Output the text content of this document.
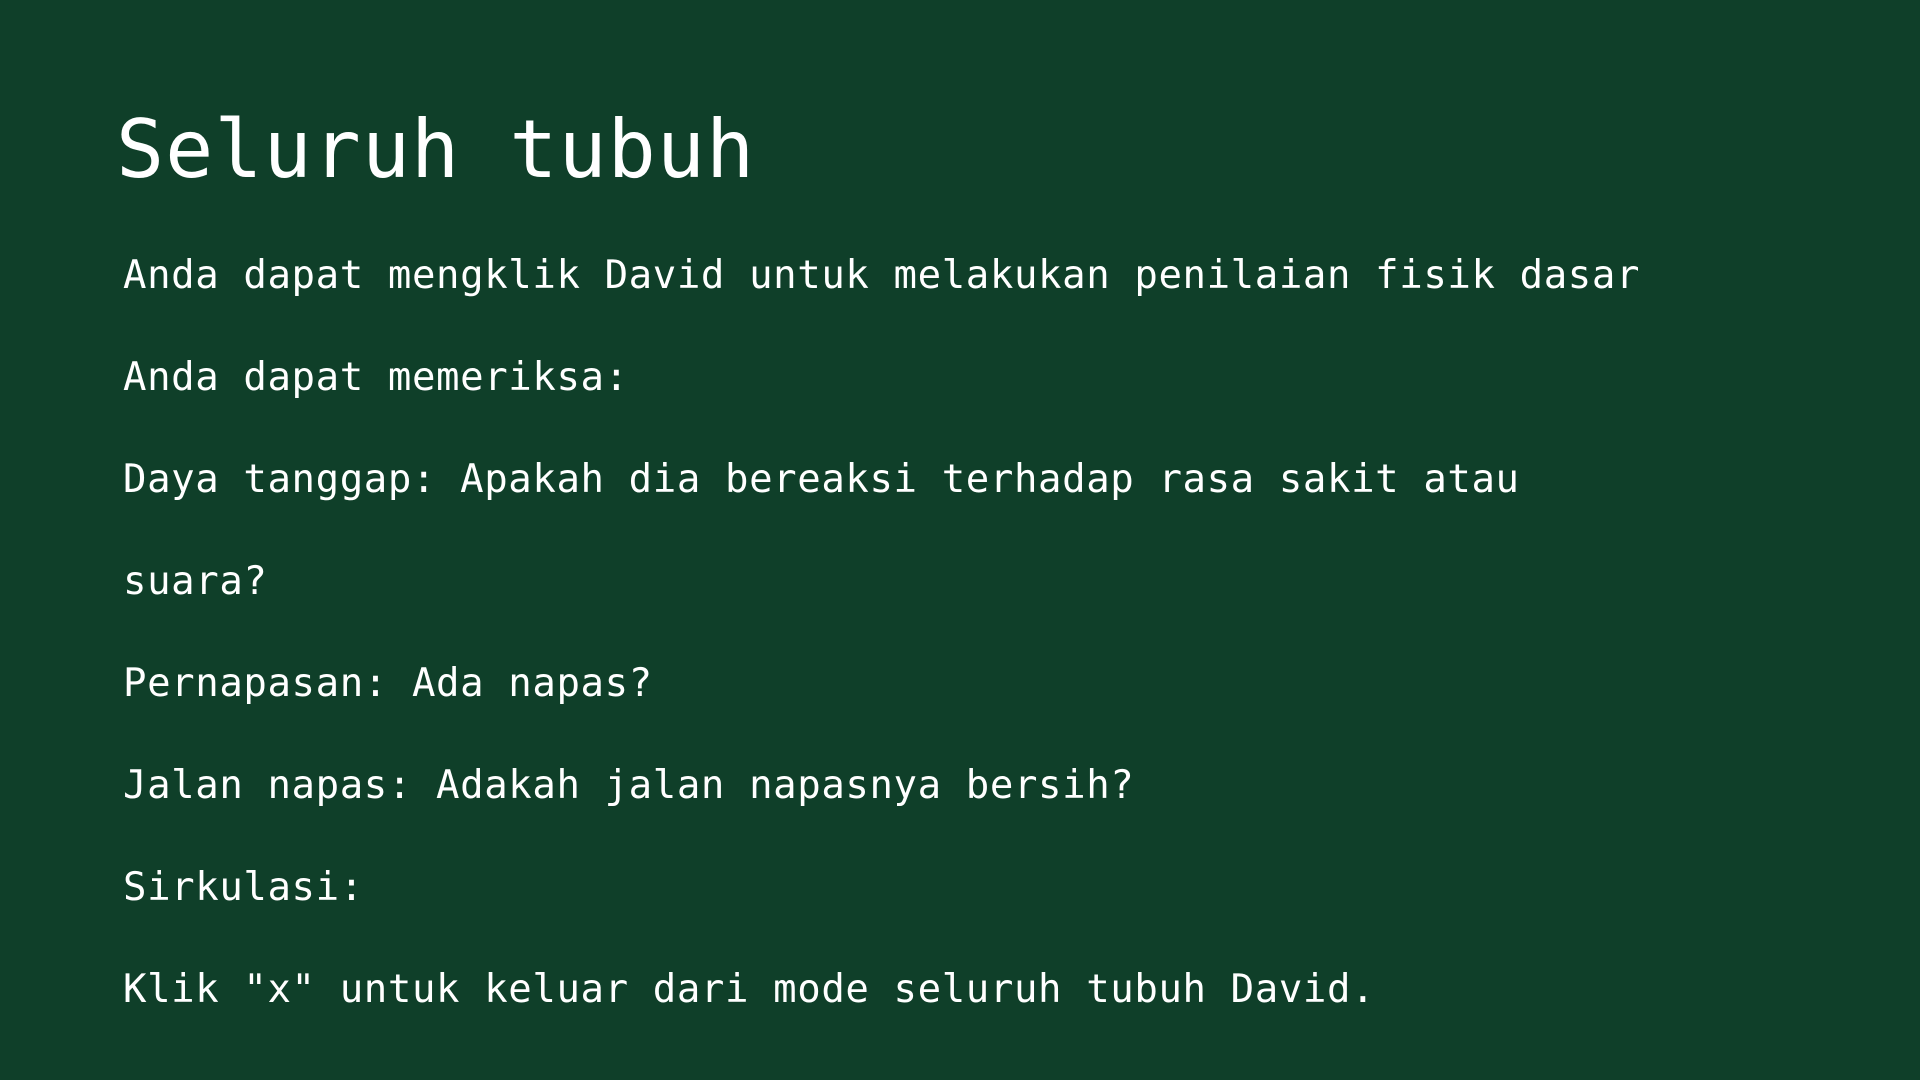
Seluruh tubuh
Anda dapat mengklik David untuk melakukan penilaian fisik dasar
Anda dapat memeriksa:
Daya tanggap: Apakah dia bereaksi terhadap rasa sakit atau
suara?
Pernapasan: Ada napas?
Jalan napas: Adakah jalan napasnya bersih?
Sirkulasi:
Klik "x" untuk keluar dari mode seluruh tubuh David.
